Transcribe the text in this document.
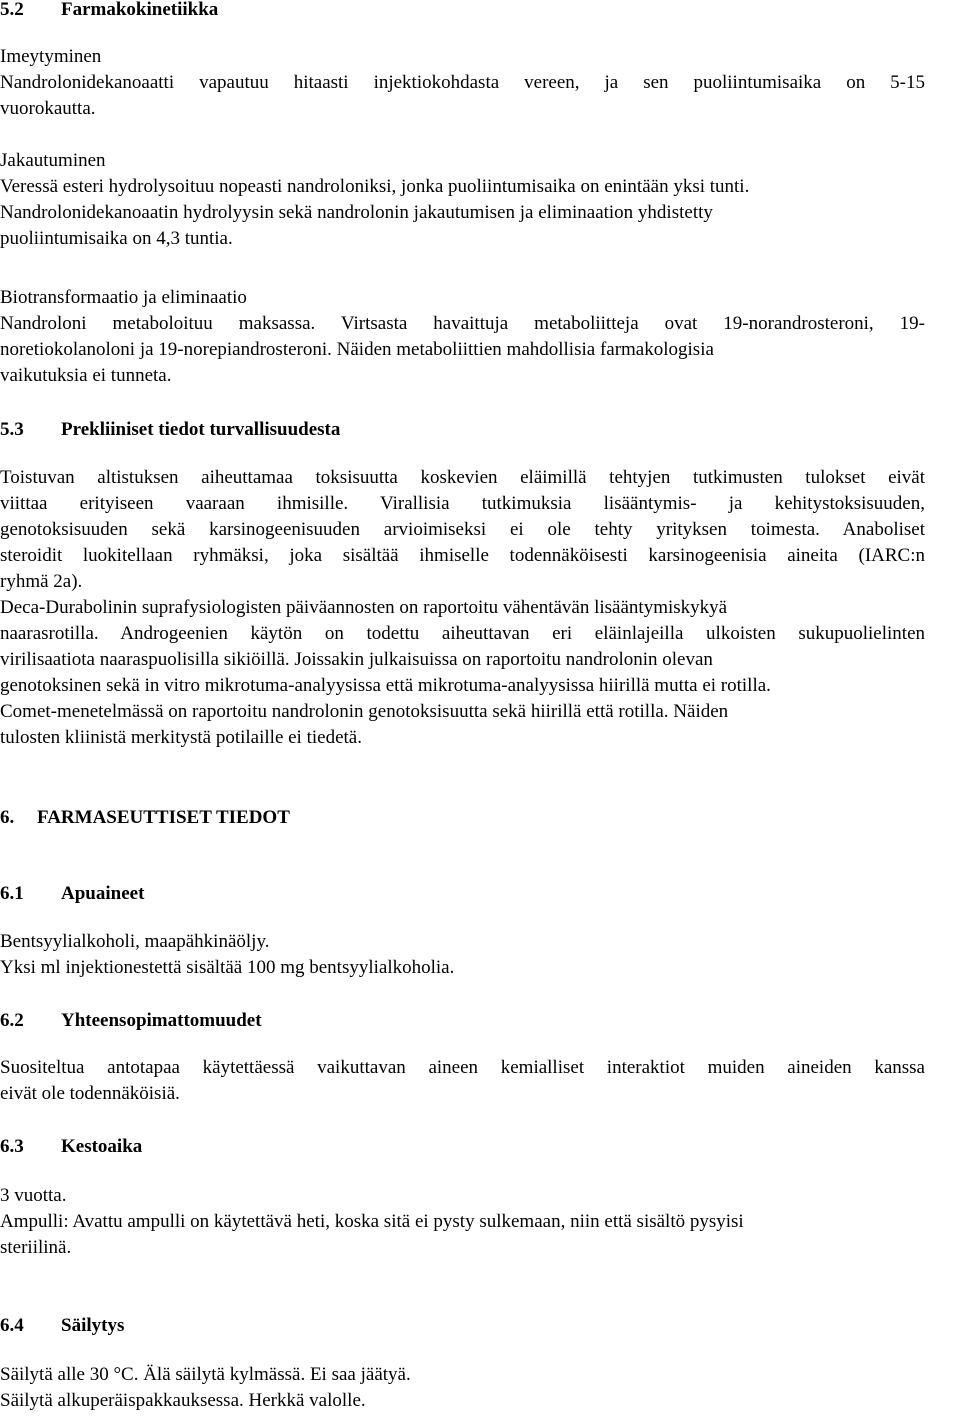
5.2 Farmakokinetiikka
Imeytyminen
Nandrolonidekanoaatti vapautuu hitaasti injektiokohdasta vereen, ja sen puoliintumisaika on 5-15
vuorokautta.
Jakautuminen
Veressä esteri hydrolysoituu nopeasti nandroloniksi, jonka puoliintumisaika on enintään yksi tunti.
Nandrolonidekanoaatin hydrolyysin sekä nandrolonin jakautumisen ja eliminaation yhdistetty
puoliintumisaika on 4,3 tuntia.
Biotransformaatio ja eliminaatio
Nandroloni metaboloituu maksassa. Virtsasta havaittuja metaboliitteja ovat 19-norandrosteroni, 19-
noretiokolanoloni ja 19-norepiandrosteroni. Näiden metaboliittien mahdollisia farmakologisia
vaikutuksia ei tunneta.
5.3 Prekliiniset tiedot turvallisuudesta
Toistuvan altistuksen aiheuttamaa toksisuutta koskevien eläimillä tehtyjen tutkimusten tulokset eivät
viittaa erityiseen vaaraan ihmisille. Virallisia tutkimuksia lisääntymis- ja kehitystoksisuuden,
genotoksisuuden sekä karsinogeenisuuden arvioimiseksi ei ole tehty yrityksen toimesta. Anaboliset
steroidit luokitellaan ryhmäksi, joka sisältää ihmiselle todennäköisesti karsinogeenisia aineita (IARC:n
ryhmä 2a).
Deca-Durabolinin suprafysiologisten päiväannosten on raportoitu vähentävän lisääntymiskykyä
naarasrotilla. Androgeenien käytön on todettu aiheuttavan eri eläinlajeilla ulkoisten sukupuolielinten
virilisaatiota naaraspuolisilla sikiöillä. Joissakin julkaisuissa on raportoitu nandrolonin olevan
genotoksinen sekä in vitro mikrotuma-analyysissa että mikrotuma-analyysissa hiirillä mutta ei rotilla.
Comet-menetelmässä on raportoitu nandrolonin genotoksisuutta sekä hiirillä että rotilla. Näiden
tulosten kliinistä merkitystä potilaille ei tiedetä.
6. FARMASEUTTISET TIEDOT
6.1 Apuaineet
Bentsyylialkoholi, maapähkinäöljy.
Yksi ml injektionestettä sisältää 100 mg bentsyylialkoholia.
6.2 Yhteensopimattomuudet
Suositeltua antotapaa käytettäessä vaikuttavan aineen kemialliset interaktiot muiden aineiden kanssa
eivät ole todennäköisiä.
6.3 Kestoaika
3 vuotta.
Ampulli: Avattu ampulli on käytettävä heti, koska sitä ei pysty sulkemaan, niin että sisältö pysyisi
steriilinä.
6.4 Säilytys
Säilytä alle 30 °C. Älä säilytä kylmässä. Ei saa jäätyä.
Säilytä alkuperäispakkauksessa. Herkkä valolle.
